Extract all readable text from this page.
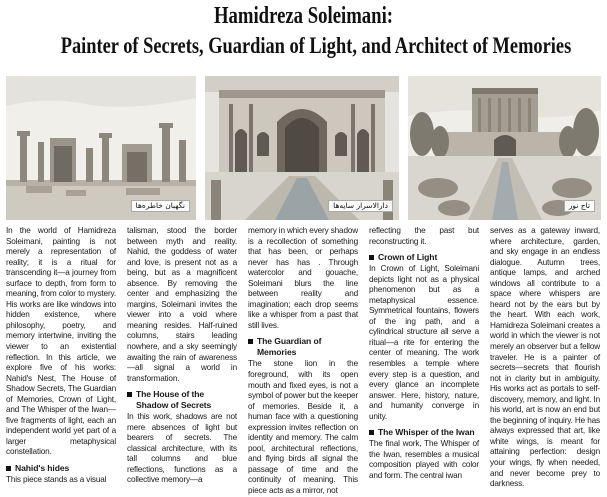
Hamidreza Soleimani:
Painter of Secrets, Guardian of Light, and Architect of Memories
نگهبان خاطره‌ها	دارالاسرار سایه‌ها	تاج نور

In the world of Hamidreza Soleimani, painting is not merely a representation of reality; it is a ritual for transcending it—a journey from surface to depth, from form to meaning, from color to mystery. His works are like windows into hidden existence, where philosophy, poetry, and memory intertwine, inviting the viewer to an existential reflection. In this article, we explore five of his works: Nahid's Nest, The House of Shadow Secrets, The Guardian of Memories, Crown of Light, and The Whisper of the Iwan—five fragments of light, each an independent world yet part of a larger metaphysical constellation.

Nahid's hides

This piece stands as a visual

talisman, stood the border between myth and reality. Nahid, the goddess of water and love, is present not as a being, but as a magnificent absence. By removing the center and emphasizing the margins, Soleimani invites the viewer into a void where meaning resides. Half-ruined columns, stairs leading nowhere, and a sky seemingly awaiting the rain of awareness—all signal a world in transformation.

The House of the Shadow of Secrets

In this work, shadows are not mere absences of light but bearers of secrets. The classical architecture, with its tall columns and blue reflections, functions as a collective memory—a

memory in which every shadow is a recollection of something that has been, or perhaps never has has . Through watercolor and gouache, Soleimani blurs the line between reality and imagination; each drop seems like a whisper from a past that still lives.

The Guardian of Memories

The stone lion in the foreground, with its open mouth and fixed eyes, is not a symbol of power but the keeper of memories. Beside it, a human face with a questioning expression invites reflection on identity and memory. The calm pool, architectural reflections, and flying birds all signal the passage of time and the continuity of meaning. This piece acts as a mirror, not

reflecting the past but reconstructing it.

Crown of Light

In Crown of Light, Soleimani depicts light not as a physical phenomenon but as a metaphysical essence. Symmetrical fountains, flowers of the ing path, and a cylindrical structure all serve a ritual—a rite for entering the center of meaning. The work resembles a temple where every step is a question, and every glance an incomplete answer. Here, history, nature, and humanity converge in unity.

The Whisper of the Iwan

The final work, The Whisper of the Iwan, resembles a musical composition played with color and form. The central iwan

serves as a gateway inward, where architecture, garden, and sky engage in an endless dialogue. Autumn trees, antique lamps, and arched windows all contribute to a space where whispers are heard not by the ears but by the heart. With each work, Hamidreza Soleimani creates a world in which the viewer is not merely an observer but a fellow traveler. He is a painter of secrets—secrets that flourish not in clarity but in ambiguity. His works act as portals to self-discovery, memory, and light. In his world, art is now an end but the beginning of inquiry. He has always expressed that art, like white wings, is meant for attaining perfection: design your wings, fly when needed, and never become prey to darkness.
